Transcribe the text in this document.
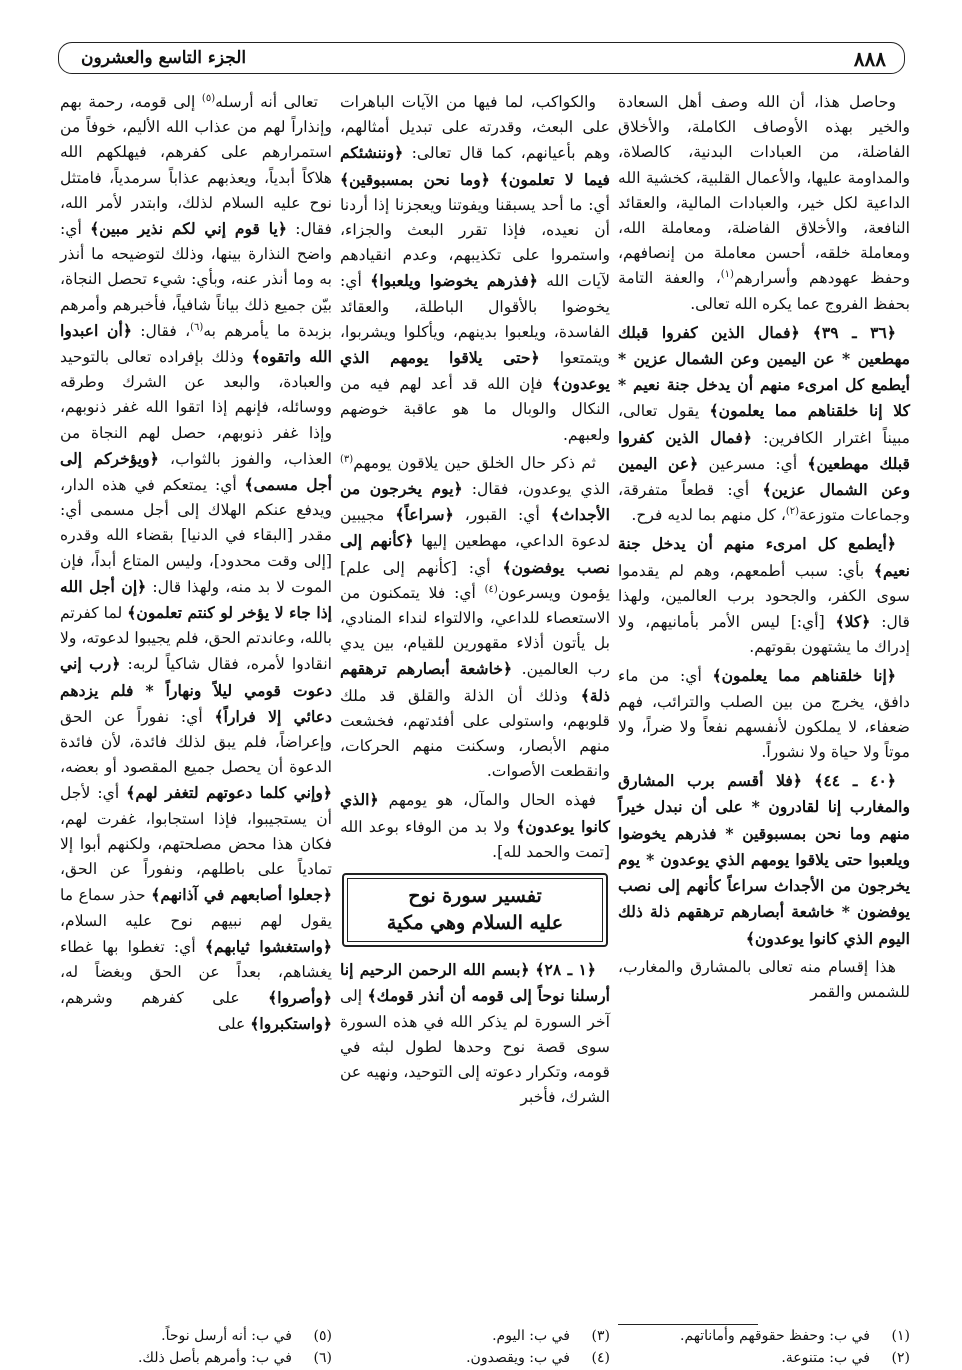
٨٨٨
الجزء التاسع والعشرون

وحاصل هذا، أن الله وصف أهل السعادة والخير بهذه الأوصاف الكاملة، والأخلاق الفاضلة، من العبادات البدنية، كالصلاة، والمداومة عليها، والأعمال القلبية، كخشية الله الداعية لكل خير، والعبادات المالية، والعقائد النافعة، والأخلاق الفاضلة، ومعاملة الله، ومعاملة خلقه، أحسن معاملة من إنصافهم، وحفظ عهودهم وأسرارهم$^{(١)}$، والعفة التامة بحفظ الفروج عما يكره الله تعالى.

﴿٣٦ ـ ٣٩﴾ ﴿فمال الذين كفروا قبلك مهطعين * عن اليمين وعن الشمال عزين * أيطمع كل امرىء منهم أن يدخل جنة نعيم * كلا إنا خلقناهم مما يعلمون﴾ يقول تعالى، مبيناً اغترار الكافرين: ﴿فمال الذين كفروا قبلك مهطعين﴾ أي: مسرعين ﴿عن اليمين وعن الشمال عزين﴾ أي: قطعاً متفرقة، وجماعات متوزعة$^{(٢)}$، كل منهم بما لديه فرح.

﴿أيطمع كل امرىء منهم أن يدخل جنة نعيم﴾ بأي: سبب أطمعهم، وهم لم يقدموا سوى الكفر، والجحود برب العالمين، ولهذا قال: ﴿كلا﴾ [أي:] ليس الأمر بأمانيهم، ولا إدراك ما يشتهون بقوتهم.

﴿إنا خلقناهم مما يعلمون﴾ أي: من ماء دافق، يخرج من بين الصلب والترائب، فهم ضعفاء، لا يملكون لأنفسهم نفعاً ولا ضراً، ولا موتاً ولا حياة ولا نشوراً.

﴿٤٠ ـ ٤٤﴾ ﴿فلا أقسم برب المشارق والمغارب إنا لقادرون * على أن نبدل خيراً منهم وما نحن بمسبوقين * فذرهم يخوضوا ويلعبوا حتى يلاقوا يومهم الذي يوعدون * يوم يخرجون من الأجداث سراعاً كأنهم إلى نصب يوفضون * خاشعة أبصارهم ترهقهم ذلة ذلك اليوم الذي كانوا يوعدون﴾

هذا إقسام منه تعالى بالمشارق والمغارب، للشمس والقمر

والكواكب، لما فيها من الآيات الباهرات على البعث، وقدرته على تبديل أمثالهم، وهم بأعيانهم، كما قال تعالى: ﴿وننشئكم فيما لا تعلمون﴾ ﴿وما نحن بمسبوقين﴾ أي: ما أحد يسبقنا ويفوتنا ويعجزنا إذا أردنا أن نعيده، فإذا تقرر البعث والجزاء، واستمروا على تكذيبهم، وعدم انقيادهم لآيات الله ﴿فذرهم يخوضوا ويلعبوا﴾ أي: يخوضوا بالأقوال الباطلة، والعقائد الفاسدة، ويلعبوا بدينهم، ويأكلوا ويشربوا، ويتمتعوا ﴿حتى يلاقوا يومهم الذي يوعدون﴾ فإن الله قد أعد لهم فيه من النكال والوبال ما هو عاقبة خوضهم ولعبهم.

ثم ذكر حال الخلق حين يلاقون يومهم$^{(٣)}$ الذي يوعدون، فقال: ﴿يوم يخرجون من الأجداث﴾ أي: القبور، ﴿سراعاً﴾ مجيبين لدعوة الداعي، مهطعين إليها ﴿كأنهم إلى نصب يوفضون﴾ أي: [كأنهم إلى علم] يؤمون ويسرعون$^{(٤)}$ أي: فلا يتمكنون من الاستعصاء للداعي، والالتواء لنداء المنادي، بل يأتون أذلاء مقهورين للقيام، بين يدي رب العالمين. ﴿خاشعة أبصارهم ترهقهم ذلة﴾ وذلك أن الذلة والقلق قد ملك قلوبهم، واستولى على أفئدتهم، فخشعت منهم الأبصار، وسكنت منهم الحركات، وانقطعت الأصوات.

فهذه الحال والمآل، هو يومهم ﴿الذي كانوا يوعدون﴾ ولا بد من الوفاء بوعد الله [تمت والحمد لله].

تفسير سورة نوح
عليه السلام وهي مكية

﴿١ ـ ٢٨﴾ ﴿بسم الله الرحمن الرحيم إنا أرسلنا نوحاً إلى قومه أن أنذر قومك﴾ إلى آخر السورة لم يذكر الله في هذه السورة سوى قصة نوح وحدها لطول لبثه في قومه، وتكرار دعوته إلى التوحيد، ونهيه عن الشرك، فأخبر

تعالى أنه أرسله$^{(٥)}$ إلى قومه، رحمة بهم وإنذاراً لهم من عذاب الله الأليم، خوفاً من استمرارهم على كفرهم، فيهلكهم الله هلاكاً أبدياً، ويعذبهم عذاباً سرمدياً، فامتثل نوح عليه السلام لذلك، وابتدر لأمر الله، فقال: ﴿يا قوم إني لكم نذير مبين﴾ أي: واضح النذارة بينها، وذلك لتوضيحه ما أنذر به وما أنذر عنه، وبأي: شيء تحصل النجاة، بيّن جميع ذلك بياناً شافياً، فأخبرهم وأمرهم بزبدة ما يأمرهم به$^{(٦)}$، فقال: ﴿أن اعبدوا الله واتقوه﴾ وذلك بإفراده تعالى بالتوحيد والعبادة، والبعد عن الشرك وطرقه ووسائله، فإنهم إذا اتقوا الله غفر ذنوبهم، وإذا غفر ذنوبهم، حصل لهم النجاة من العذاب، والفوز بالثواب، ﴿ويؤخركم إلى أجل مسمى﴾ أي: يمتعكم في هذه الدار، ويدفع عنكم الهلاك إلى أجل مسمى أي: مقدر [البقاء في الدنيا] بقضاء الله وقدره [إلى وقت محدود]، وليس المتاع أبداً، فإن الموت لا بد منه، ولهذا قال: ﴿إن أجل الله إذا جاء لا يؤخر لو كنتم تعلمون﴾ لما كفرتم بالله، وعاندتم الحق، فلم يجيبوا لدعوته، ولا انقادوا لأمره، فقال شاكياً لربه: ﴿رب إني دعوت قومي ليلاً ونهاراً * فلم يزدهم دعائي إلا فراراً﴾ أي: نفوراً عن الحق وإعراضاً، فلم يبق لذلك فائدة، لأن فائدة الدعوة أن يحصل جميع المقصود أو بعضه، ﴿وإني كلما دعوتهم لتغفر لهم﴾ أي: لأجل أن يستجيبوا، فإذا استجابوا، غفرت لهم، فكان هذا محض مصلحتهم، ولكنهم أبوا إلا تمادياً على باطلهم، ونفوراً عن الحق، ﴿جعلوا أصابعهم في آذانهم﴾ حذر سماع ما يقول لهم نبيهم نوح عليه السلام، ﴿واستغشوا ثيابهم﴾ أي: تغطوا بها غطاء يغشاهم، بعداً عن الحق وبغضاً له، ﴿وأصروا﴾ على كفرهم وشرهم، ﴿واستكبروا﴾ على

(١)في ب: وحفظ حقوقهم وأماناتهم.
(٢)في ب: متنوعة.
(٣)في ب: اليوم.
(٤)في ب: ويقصدون.
(٥)في ب: أنه أرسل نوحاً.
(٦)في ب: وأمرهم بأصل ذلك.
